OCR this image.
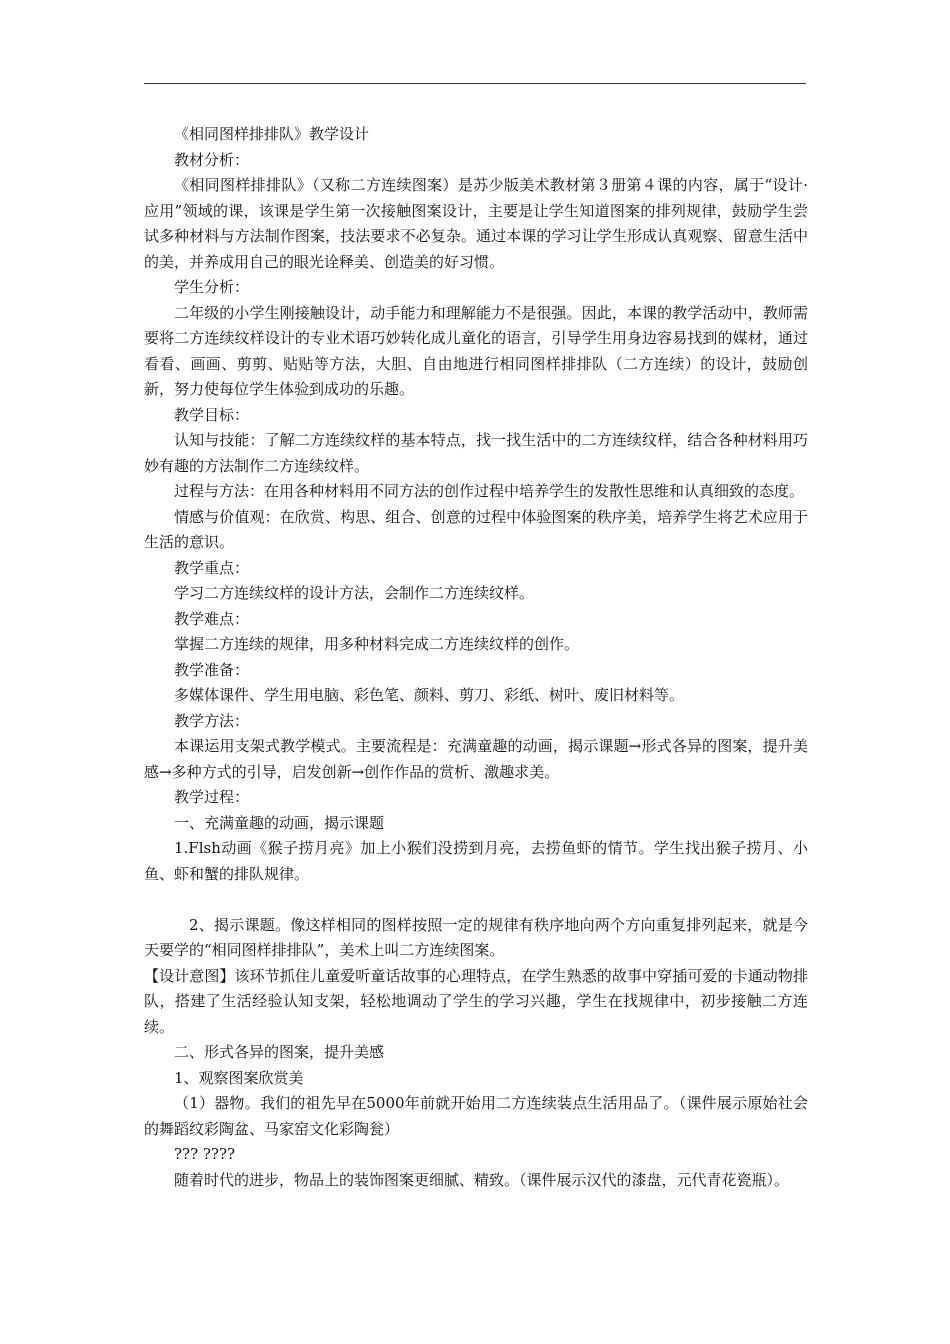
《相同图样排排队》教学设计

教材分析：

《相同图样排排队》（又称二方连续图案）是苏少版美术教材第３册第４课的内容，属于“设计·应用”领域的课，该课是学生第一次接触图案设计，主要是让学生知道图案的排列规律，鼓励学生尝试多种材料与方法制作图案，技法要求不必复杂。通过本课的学习让学生形成认真观察、留意生活中的美，并养成用自己的眼光诠释美、创造美的好习惯。

学生分析：

二年级的小学生刚接触设计，动手能力和理解能力不是很强。因此，本课的教学活动中，教师需要将二方连续纹样设计的专业术语巧妙转化成儿童化的语言，引导学生用身边容易找到的媒材，通过看看、画画、剪剪、贴贴等方法，大胆、自由地进行相同图样排排队（二方连续）的设计，鼓励创新，努力使每位学生体验到成功的乐趣。

教学目标：

认知与技能：了解二方连续纹样的基本特点，找一找生活中的二方连续纹样，结合各种材料用巧妙有趣的方法制作二方连续纹样。

过程与方法：在用各种材料用不同方法的创作过程中培养学生的发散性思维和认真细致的态度。

情感与价值观：在欣赏、构思、组合、创意的过程中体验图案的秩序美，培养学生将艺术应用于生活的意识。

教学重点：

学习二方连续纹样的设计方法，会制作二方连续纹样。

教学难点：

掌握二方连续的规律，用多种材料完成二方连续纹样的创作。

教学准备：

多媒体课件、学生用电脑、彩色笔、颜料、剪刀、彩纸、树叶、废旧材料等。

教学方法：

本课运用支架式教学模式。主要流程是：充满童趣的动画，揭示课题→形式各异的图案，提升美感→多种方式的引导，启发创新→创作作品的赏析、激趣求美。

教学过程：

一、充满童趣的动画，揭示课题

1.Flsh动画《猴子捞月亮》加上小猴们没捞到月亮，去捞鱼虾的情节。学生找出猴子捞月、小鱼、虾和蟹的排队规律。

2、揭示课题。像这样相同的图样按照一定的规律有秩序地向两个方向重复排列起来，就是今天要学的“相同图样排排队”，美术上叫二方连续图案。

【设计意图】该环节抓住儿童爱听童话故事的心理特点，在学生熟悉的故事中穿插可爱的卡通动物排队，搭建了生活经验认知支架，轻松地调动了学生的学习兴趣，学生在找规律中，初步接触二方连续。

二、形式各异的图案，提升美感

1、观察图案欣赏美

（1）器物。我们的祖先早在5000年前就开始用二方连续装点生活用品了。（课件展示原始社会的舞蹈纹彩陶盆、马家窑文化彩陶瓮）

??? ????

随着时代的进步，物品上的装饰图案更细腻、精致。（课件展示汉代的漆盘，元代青花瓷瓶）。
